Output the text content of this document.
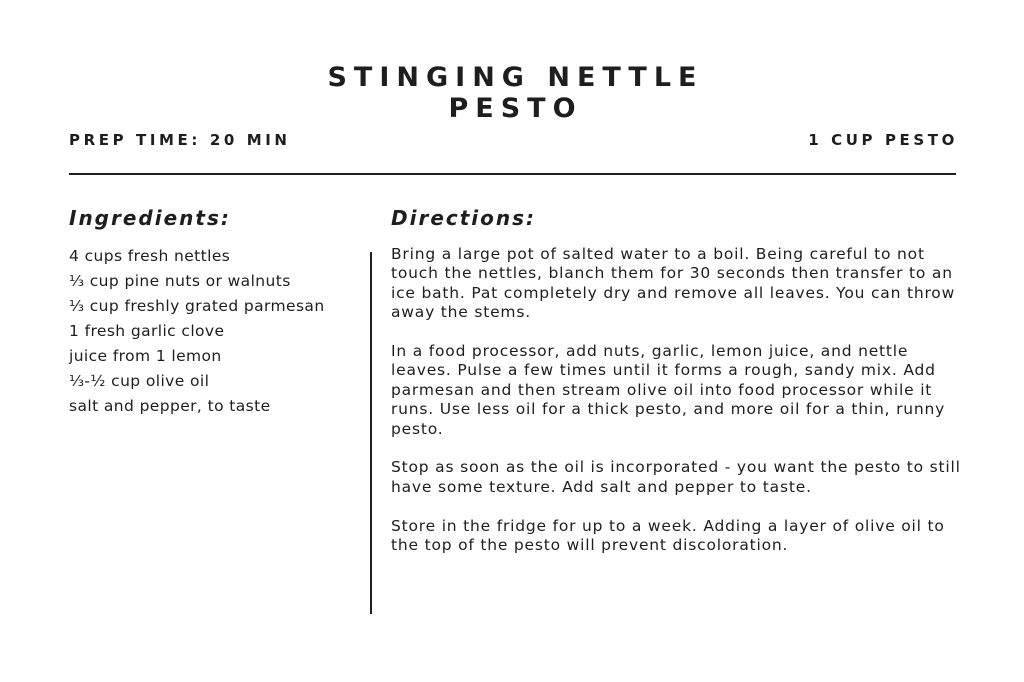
STINGING NETTLE
PESTO
PREP TIME: 20 MIN	1 CUP PESTO
Ingredients:	Directions:
4 cups fresh nettles
⅓ cup pine nuts or walnuts
⅓ cup freshly grated parmesan
1 fresh garlic clove
juice from 1 lemon
⅓-½ cup olive oil
salt and pepper, to taste

Bring a large pot of salted water to a boil. Being careful to not touch the nettles, blanch them for 30 seconds then transfer to an ice bath. Pat completely dry and remove all leaves. You can throw away the stems.

In a food processor, add nuts, garlic, lemon juice, and nettle leaves. Pulse a few times until it forms a rough, sandy mix. Add parmesan and then stream olive oil into food processor while it runs. Use less oil for a thick pesto, and more oil for a thin, runny pesto.

Stop as soon as the oil is incorporated - you want the pesto to still have some texture. Add salt and pepper to taste.

Store in the fridge for up to a week. Adding a layer of olive oil to the top of the pesto will prevent discoloration.
